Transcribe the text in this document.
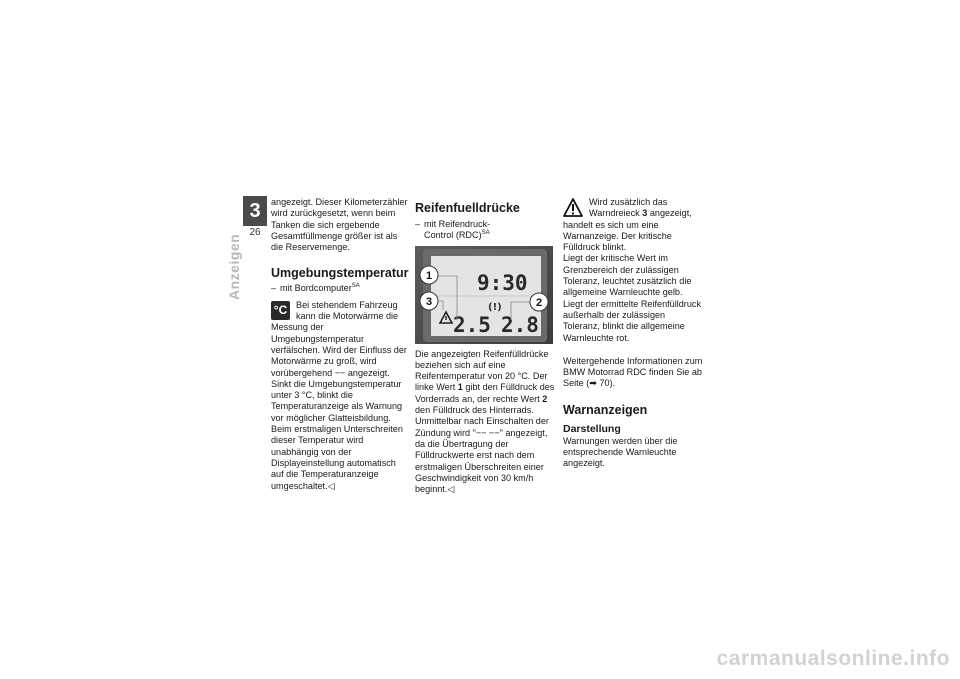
3
26
Anzeigen

angezeigt. Dieser Kilometerzähler wird zurückgesetzt, wenn beim Tanken die sich ergebende Gesamtfüllmenge größer ist als die Reservemenge.

Umgebungstemperatur
– mit Bordcomputer$^{SA}$
°C Bei stehendem Fahrzeug kann die Motorwärme die Messung der Umgebungstemperatur verfälschen. Wird der Einfluss der Motorwärme zu groß, wird vorübergehend −− angezeigt.

Sinkt die Umgebungstemperatur unter 3 °C, blinkt die Temperaturanzeige als Warnung vor möglicher Glatteisbildung. Beim erstmaligen Unterschreiten dieser Temperatur wird unabhängig von der Displayeinstellung automatisch auf die Temperaturanzeige umgeschaltet.◁

Reifenfuelldrücke
– mit Reifendruck-
Control (RDC)$^{SA}$
9:30
(!)
2.5 2.8
1
3	2

Die angezeigten Reifenfülldrücke beziehen sich auf eine Reifentemperatur von 20 °C. Der linke Wert 1 gibt den Fülldruck des Vorderrads an, der rechte Wert 2 den Fülldruck des Hinterrads. Unmittelbar nach Einschalten der Zündung wird "−− −−" angezeigt, da die Übertragung der Fülldruckwerte erst nach dem erstmaligen Überschreiten einer Geschwindigkeit von 30 km/h beginnt.◁

Wird zusätzlich das Warndreieck 3 angezeigt, handelt es sich um eine Warnanzeige. Der kritische Fülldruck blinkt.

Liegt der kritische Wert im Grenzbereich der zulässigen Toleranz, leuchtet zusätzlich die allgemeine Warnleuchte gelb. Liegt der ermittelte Reifenfülldruck außerhalb der zulässigen Toleranz, blinkt die allgemeine Warnleuchte rot.

Weitergehende Informationen zum BMW Motorrad RDC finden Sie ab Seite (➡ 70).

Warnanzeigen
Darstellung

Warnungen werden über die entsprechende Warnleuchte angezeigt.

carmanualsonline.info
